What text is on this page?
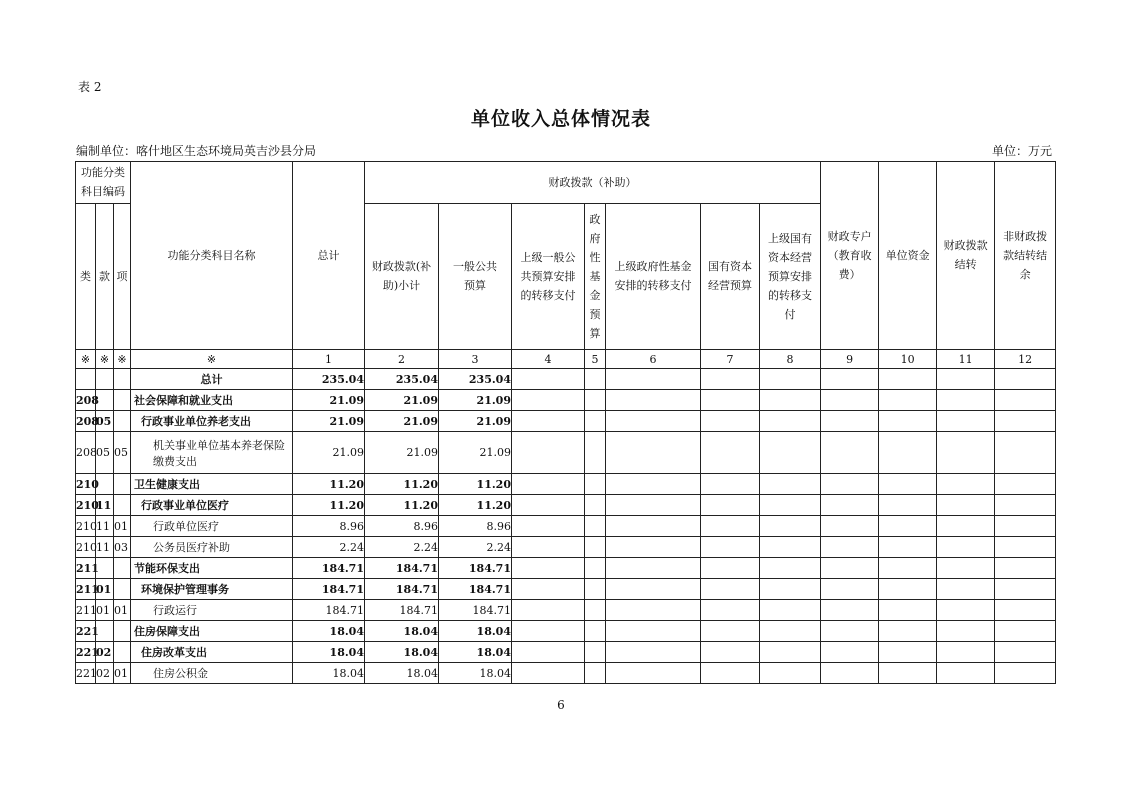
表 2
单位收入总体情况表
编制单位：喀什地区生态环境局英吉沙县分局	单位：万元
功能分类科目编码			功能分类科目名称	总计	财政拨款（补助）							财政专户（教育收费）	单位资金	财政拨款结转	非财政拨款结转结余
类	款	项			财政拨款(补助)小计	一般公共预算	上级一般公共预算安排的转移支付	政府性基金预算	上级政府性基金安排的转移支付	国有资本经营预算	上级国有资本经营预算安排的转移支付				
※	※	※	※	1	2	3	4	5	6	7	8	9	10	11	12
			总计	235.04	235.04	235.04									
208			社会保障和就业支出	21.09	21.09	21.09									
208	05		行政事业单位养老支出	21.09	21.09	21.09									
208	05	05	机关事业单位基本养老保险缴费支出	21.09	21.09	21.09									
210			卫生健康支出	11.20	11.20	11.20									
210	11		行政事业单位医疗	11.20	11.20	11.20									
210	11	01	行政单位医疗	8.96	8.96	8.96									
210	11	03	公务员医疗补助	2.24	2.24	2.24									
211			节能环保支出	184.71	184.71	184.71									
211	01		环境保护管理事务	184.71	184.71	184.71									
211	01	01	行政运行	184.71	184.71	184.71									
221			住房保障支出	18.04	18.04	18.04									
221	02		住房改革支出	18.04	18.04	18.04									
221	02	01	住房公积金	18.04	18.04	18.04									
6
